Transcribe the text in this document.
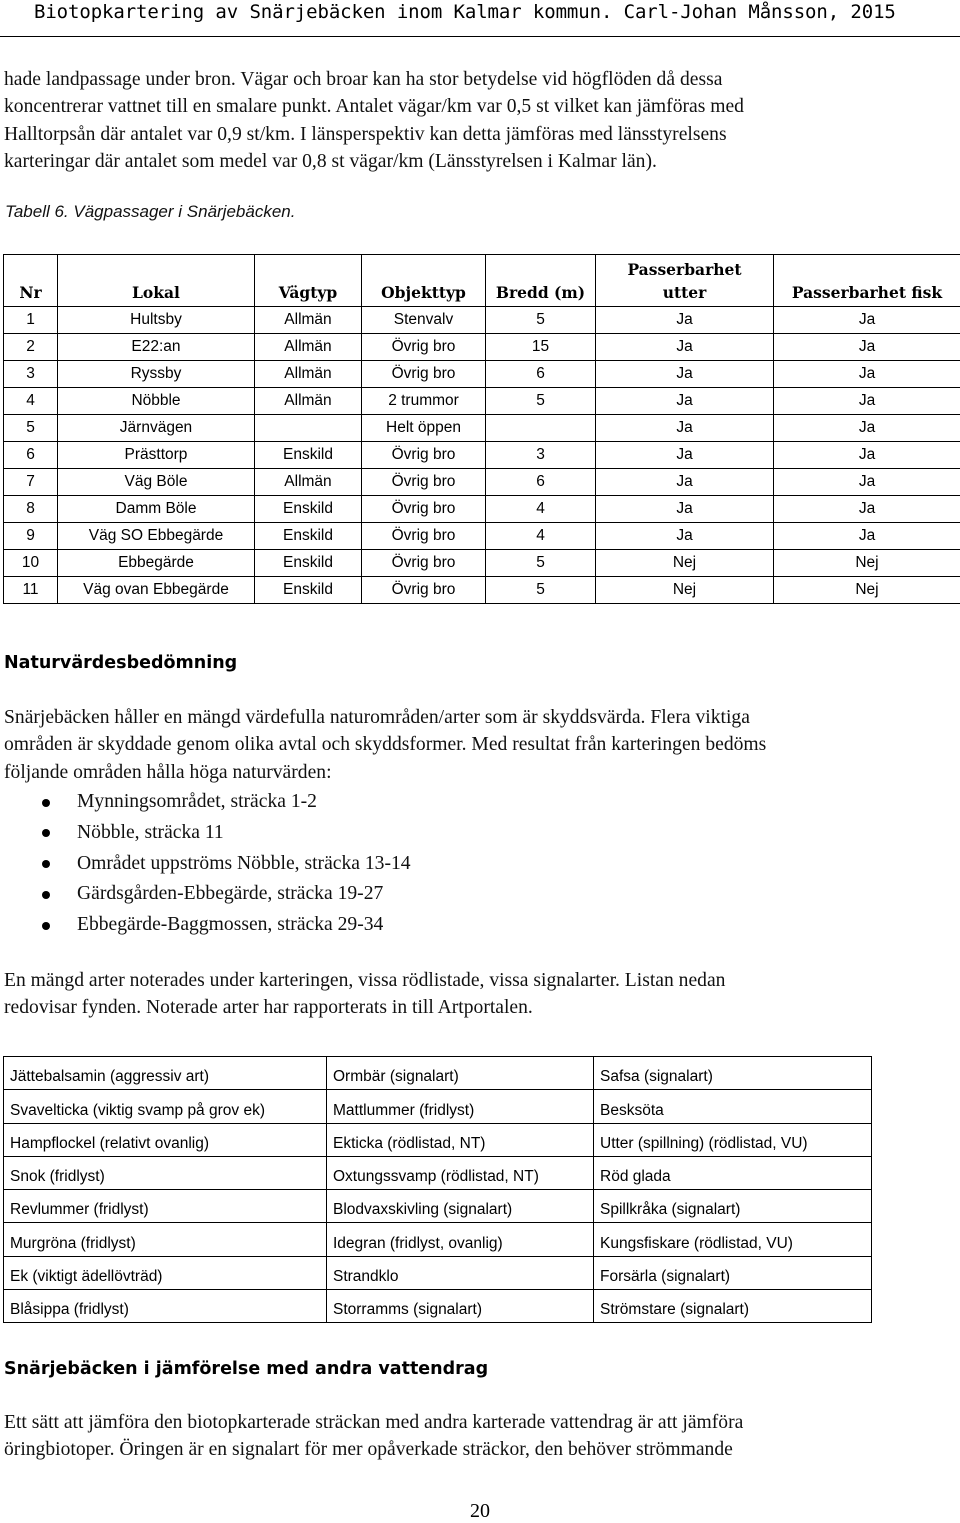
Biotopkartering av Snärjebäcken inom Kalmar kommun. Carl-Johan Månsson, 2015
hade landpassage under bron. Vägar och broar kan ha stor betydelse vid högflöden då dessa
koncentrerar vattnet till en smalare punkt. Antalet vägar/km var 0,5 st vilket kan jämföras med
Halltorpsån där antalet var 0,9 st/km. I länsperspektiv kan detta jämföras med länsstyrelsens
karteringar där antalet som medel var 0,8 st vägar/km (Länsstyrelsen i Kalmar län).
Tabell 6. Vägpassager i Snärjebäcken.
Nr	Lokal	Vägtyp	Objekttyp	Bredd (m)	Passerbarhet utter	Passerbarhet fisk
1	Hultsby	Allmän	Stenvalv	5	Ja	Ja
2	E22:an	Allmän	Övrig bro	15	Ja	Ja
3	Ryssby	Allmän	Övrig bro	6	Ja	Ja
4	Nöbble	Allmän	2 trummor	5	Ja	Ja
5	Järnvägen		Helt öppen		Ja	Ja
6	Prästtorp	Enskild	Övrig bro	3	Ja	Ja
7	Väg Böle	Allmän	Övrig bro	6	Ja	Ja
8	Damm Böle	Enskild	Övrig bro	4	Ja	Ja
9	Väg SO Ebbegärde	Enskild	Övrig bro	4	Ja	Ja
10	Ebbegärde	Enskild	Övrig bro	5	Nej	Nej
11	Väg ovan Ebbegärde	Enskild	Övrig bro	5	Nej	Nej
Naturvärdesbedömning
Snärjebäcken håller en mängd värdefulla naturområden/arter som är skyddsvärda. Flera viktiga
områden är skyddade genom olika avtal och skyddsformer. Med resultat från karteringen bedöms
följande områden hålla höga naturvärden:
Mynningsområdet, sträcka 1-2
Nöbble, sträcka 11
Området uppströms Nöbble, sträcka 13-14
Gärdsgården-Ebbegärde, sträcka 19-27
Ebbegärde-Baggmossen, sträcka 29-34
En mängd arter noterades under karteringen, vissa rödlistade, vissa signalarter. Listan nedan
redovisar fynden. Noterade arter har rapporterats in till Artportalen.
Jättebalsamin (aggressiv art)	Ormbär (signalart)	Safsa (signalart)
Svavelticka (viktig svamp på grov ek)	Mattlummer (fridlyst)	Besksöta
Hampflockel (relativt ovanlig)	Ekticka (rödlistad, NT)	Utter (spillning) (rödlistad, VU)
Snok (fridlyst)	Oxtungssvamp (rödlistad, NT)	Röd glada
Revlummer (fridlyst)	Blodvaxskivling (signalart)	Spillkråka (signalart)
Murgröna (fridlyst)	Idegran (fridlyst, ovanlig)	Kungsfiskare (rödlistad, VU)
Ek (viktigt ädellövträd)	Strandklo	Forsärla (signalart)
Blåsippa (fridlyst)	Storramms (signalart)	Strömstare (signalart)
Snärjebäcken i jämförelse med andra vattendrag
Ett sätt att jämföra den biotopkarterade sträckan med andra karterade vattendrag är att jämföra
öringbiotoper. Öringen är en signalart för mer opåverkade sträckor, den behöver strömmande
20
